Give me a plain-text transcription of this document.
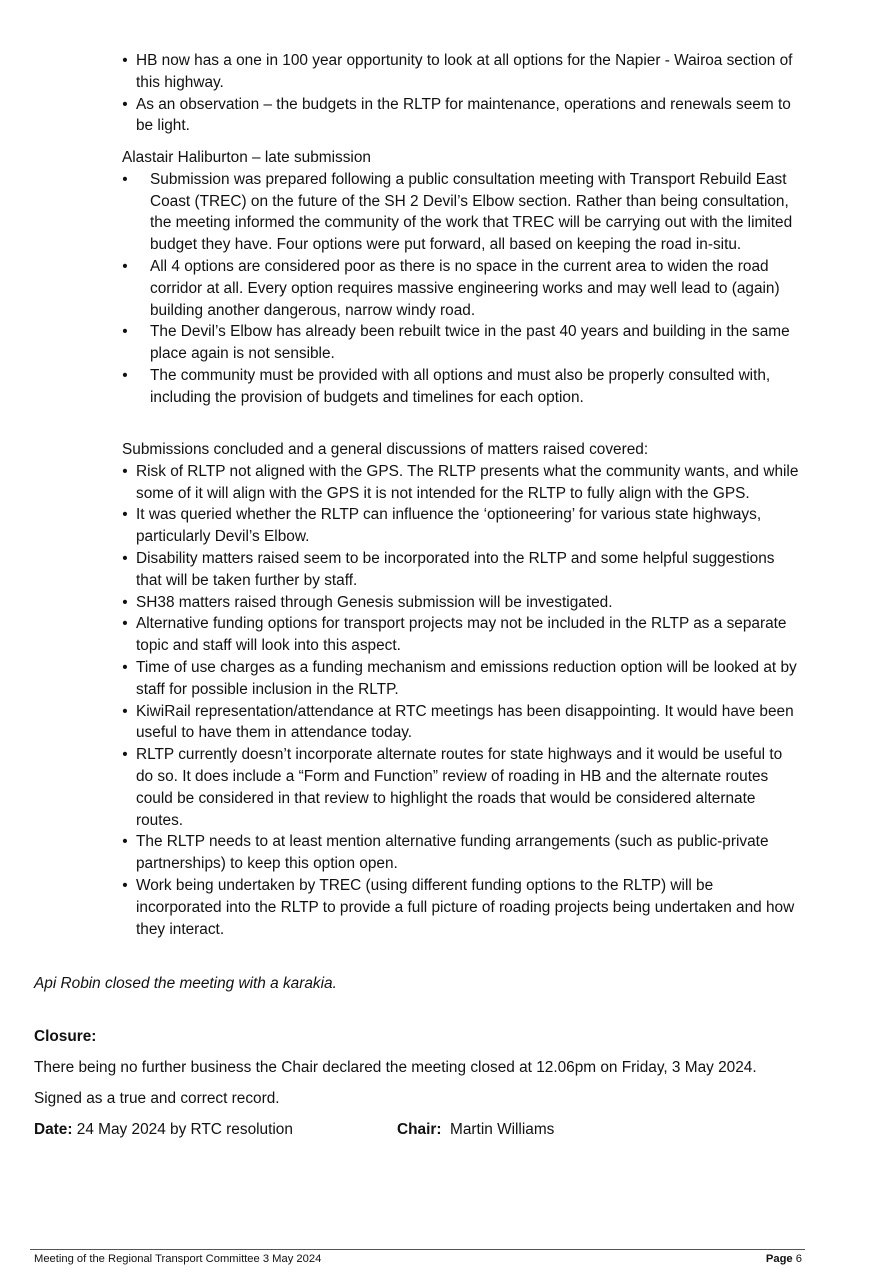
• HB now has a one in 100 year opportunity to look at all options for the Napier - Wairoa section of this highway.
• As an observation – the budgets in the RLTP for maintenance, operations and renewals seem to be light.

Alastair Haliburton – late submission

• Submission was prepared following a public consultation meeting with Transport Rebuild East Coast (TREC) on the future of the SH 2 Devil’s Elbow section. Rather than being consultation, the meeting informed the community of the work that TREC will be carrying out with the limited budget they have. Four options were put forward, all based on keeping the road in-situ.
• All 4 options are considered poor as there is no space in the current area to widen the road corridor at all. Every option requires massive engineering works and may well lead to (again) building another dangerous, narrow windy road.
• The Devil’s Elbow has already been rebuilt twice in the past 40 years and building in the same place again is not sensible.
• The community must be provided with all options and must also be properly consulted with, including the provision of budgets and timelines for each option.

Submissions concluded and a general discussions of matters raised covered:

• Risk of RLTP not aligned with the GPS. The RLTP presents what the community wants, and while some of it will align with the GPS it is not intended for the RLTP to fully align with the GPS.
• It was queried whether the RLTP can influence the ‘optioneering’ for various state highways, particularly Devil’s Elbow.
• Disability matters raised seem to be incorporated into the RLTP and some helpful suggestions that will be taken further by staff.
• SH38 matters raised through Genesis submission will be investigated.
• Alternative funding options for transport projects may not be included in the RLTP as a separate topic and staff will look into this aspect.
• Time of use charges as a funding mechanism and emissions reduction option will be looked at by staff for possible inclusion in the RLTP.
• KiwiRail representation/attendance at RTC meetings has been disappointing. It would have been useful to have them in attendance today.
• RLTP currently doesn’t incorporate alternate routes for state highways and it would be useful to do so. It does include a “Form and Function” review of roading in HB and the alternate routes could be considered in that review to highlight the roads that would be considered alternate routes.
• The RLTP needs to at least mention alternative funding arrangements (such as public-private partnerships) to keep this option open.
• Work being undertaken by TREC (using different funding options to the RLTP) will be incorporated into the RLTP to provide a full picture of roading projects being undertaken and how they interact.

Api Robin closed the meeting with a karakia.

Closure:

There being no further business the Chair declared the meeting closed at 12.06pm on Friday, 3 May 2024.

Signed as a true and correct record.

Date: 24 May 2024 by RTC resolution	Chair: Martin Williams

Meeting of the Regional Transport Committee 3 May 2024	Page 6
